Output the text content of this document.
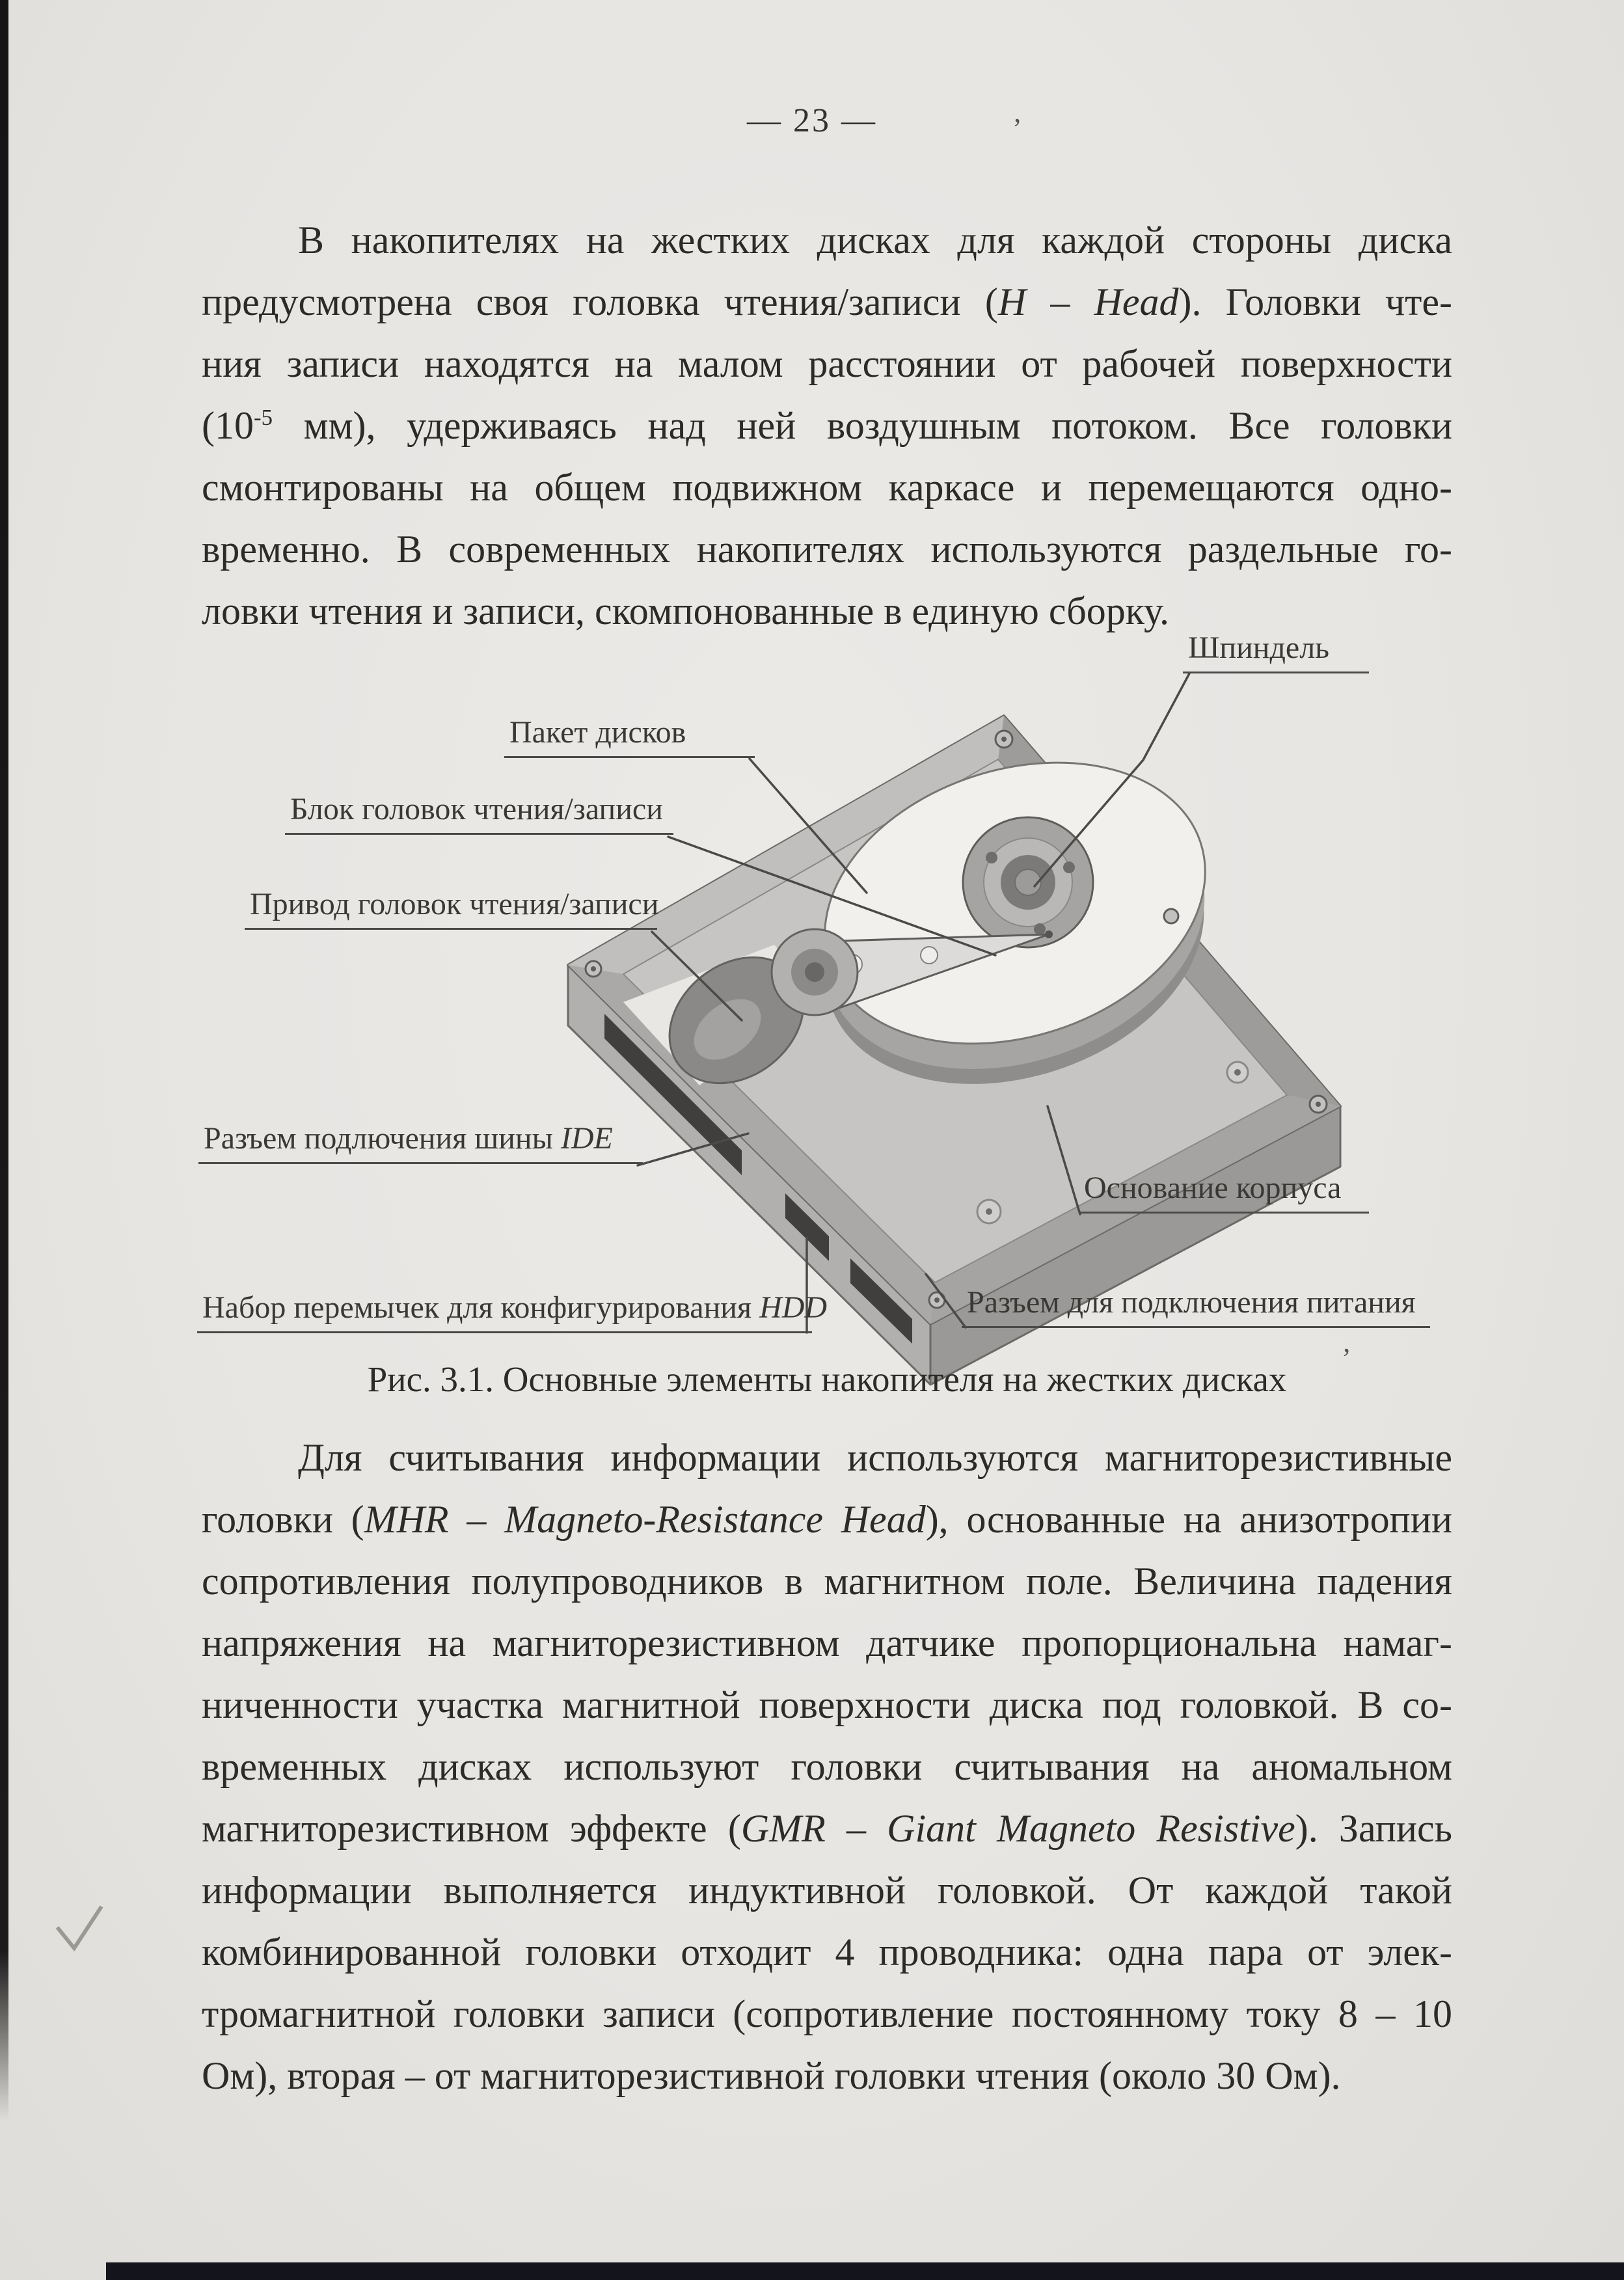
’
’
— 23 —
В накопителях на жестких дисках для каждой стороны диска
предусмотрена своя головка чтения/записи (H – Head). Головки чте-
ния записи находятся на малом расстоянии от рабочей поверхности
($10^{-5}$ мм), удерживаясь над ней воздушным потоком. Все головки
смонтированы на общем подвижном каркасе и перемещаются одно-
временно. В современных накопителях используются раздельные го-
ловки чтения и записи, скомпонованные в единую сборку.
Шпиндель
Пакет дисков
Блок головок чтения/записи
Привод головок чтения/записи
Разъем подлючения шины IDE
Основание корпуса
Набор перемычек для конфигурирования HDD	Разъем для подключения питания
Рис. 3.1. Основные элементы накопителя на жестких дисках
Для считывания информации используются магниторезистивные
головки (MHR – Magneto-Resistance Head), основанные на анизотропии
сопротивления полупроводников в магнитном поле. Величина падения
напряжения на магниторезистивном датчике пропорциональна намаг-
ниченности участка магнитной поверхности диска под головкой. В со-
временных дисках используют головки считывания на аномальном
магниторезистивном эффекте (GMR – Giant Magneto Resistive). Запись
информации выполняется индуктивной головкой. От каждой такой
комбинированной головки отходит 4 проводника: одна пара от элек-
тромагнитной головки записи (сопротивление постоянному току 8 – 10
Ом), вторая – от магниторезистивной головки чтения (около 30 Ом).
